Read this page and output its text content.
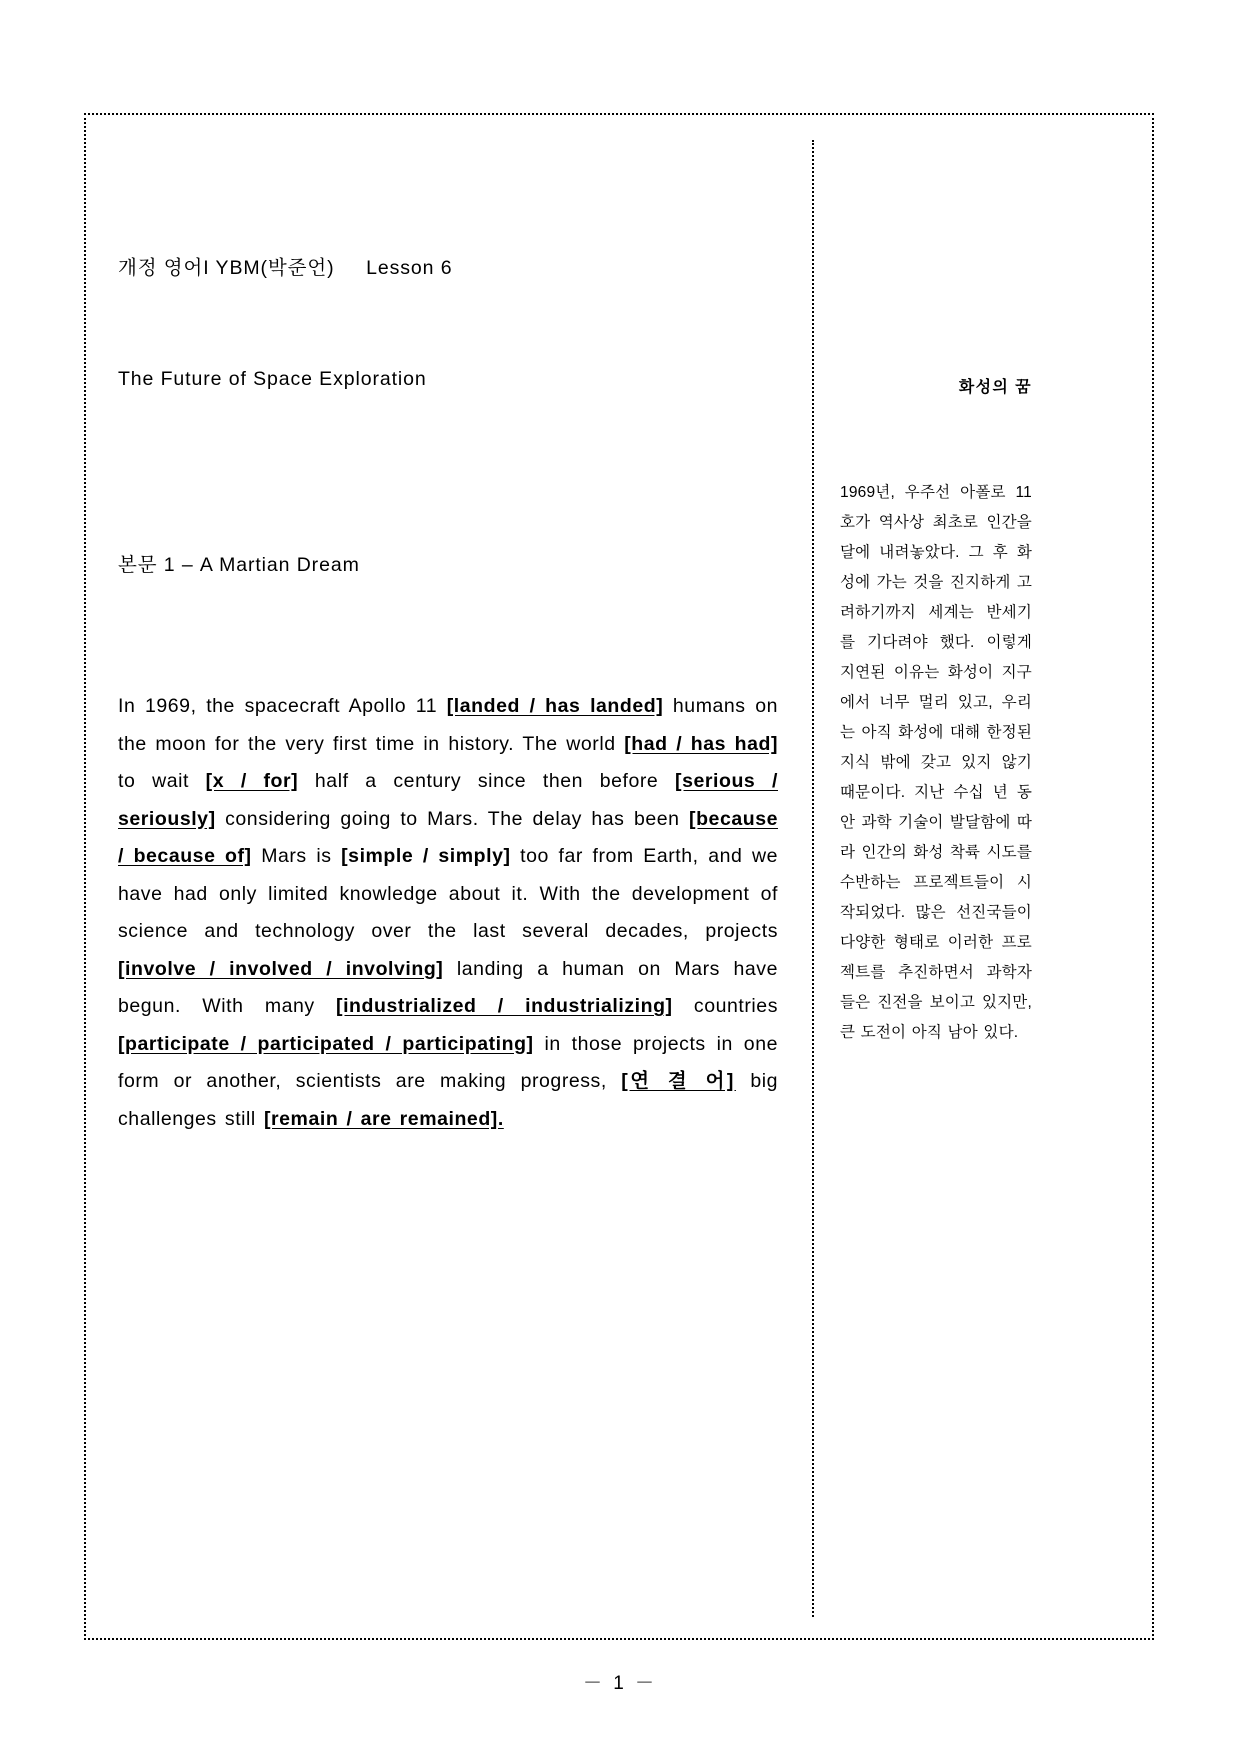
개정 영어I YBM(박준언)     Lesson 6

The Future of Space Exploration

본문 1 – A Martian Dream
In 1969, the spacecraft Apollo 11 [landed / has landed] humans on the moon for the very first time in history. The world [had / has had] to wait [x / for] half a century since then before [serious / seriously] considering going to Mars. The delay has been [because / because of] Mars is [simple / simply] too far from Earth, and we have had only limited knowledge about it. With the development of science and technology over the last several decades, projects [involve / involved / involving] landing a human on Mars have begun. With many [industrialized / industrializing] countries [participate / participated / participating] in those projects in one form or another, scientists are making progress, [연 결 어] big challenges still [remain / are remained].
화성의 꿈
1969년, 우주선 아폴로 11호가 역사상 최초로 인간을 달에 내려놓았다. 그 후 화성에 가는 것을 진지하게 고려하기까지 세계는 반세기를 기다려야 했다. 이렇게 지연된 이유는 화성이 지구에서 너무 멀리 있고, 우리는 아직 화성에 대해 한정된 지식 밖에 갖고 있지 않기 때문이다. 지난 수십 년 동안 과학 기술이 발달함에 따라 인간의 화성 착륙 시도를 수반하는 프로젝트들이 시작되었다. 많은 선진국들이 다양한 형태로 이러한 프로젝트를 추진하면서 과학자들은 진전을 보이고 있지만, 큰 도전이 아직 남아 있다.
－ 1 －
